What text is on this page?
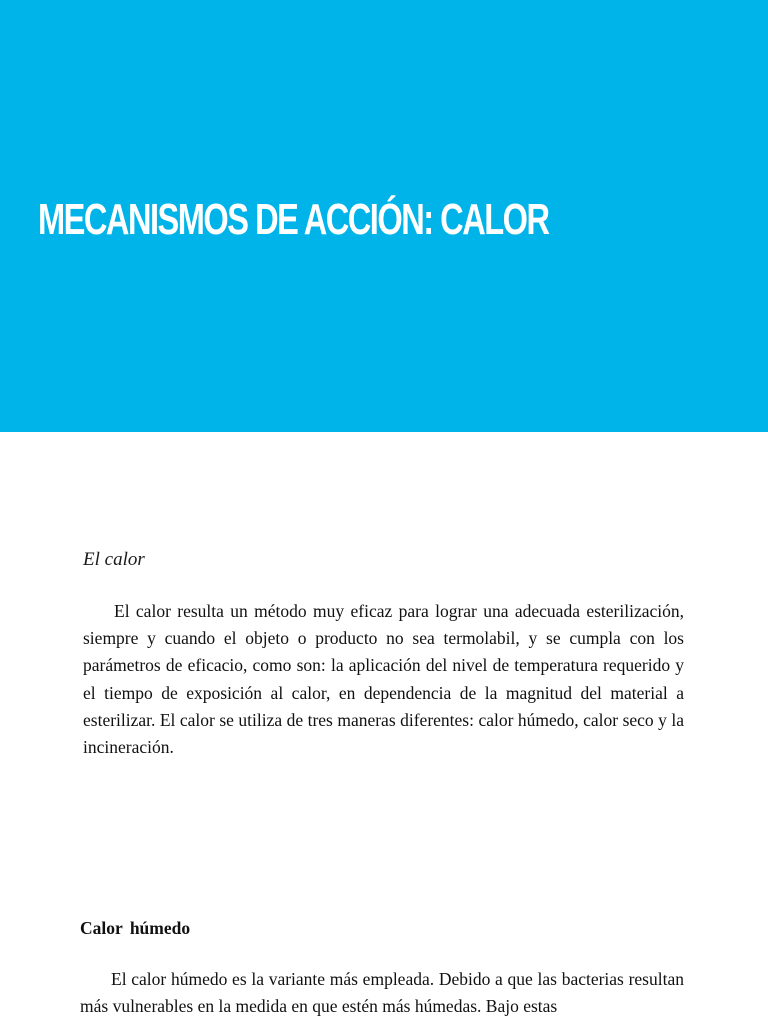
MECANISMOS DE ACCIÓN: CALOR
El calor

El calor resulta un método muy eficaz para lograr una adecuada esterilización, siempre y cuando el objeto o producto no sea termolabil, y se cumpla con los parámetros de eficacio, como son: la aplicación del nivel de temperatura requerido y el tiempo de exposición al calor, en dependencia de la magnitud del material a esterilizar. El calor se utiliza de tres maneras diferentes: calor húmedo, calor seco y la incineración.

Calor húmedo

El calor húmedo es la variante más empleada. Debido a que las bacterias resultan más vulnerables en la medida en que estén más húmedas. Bajo estas
